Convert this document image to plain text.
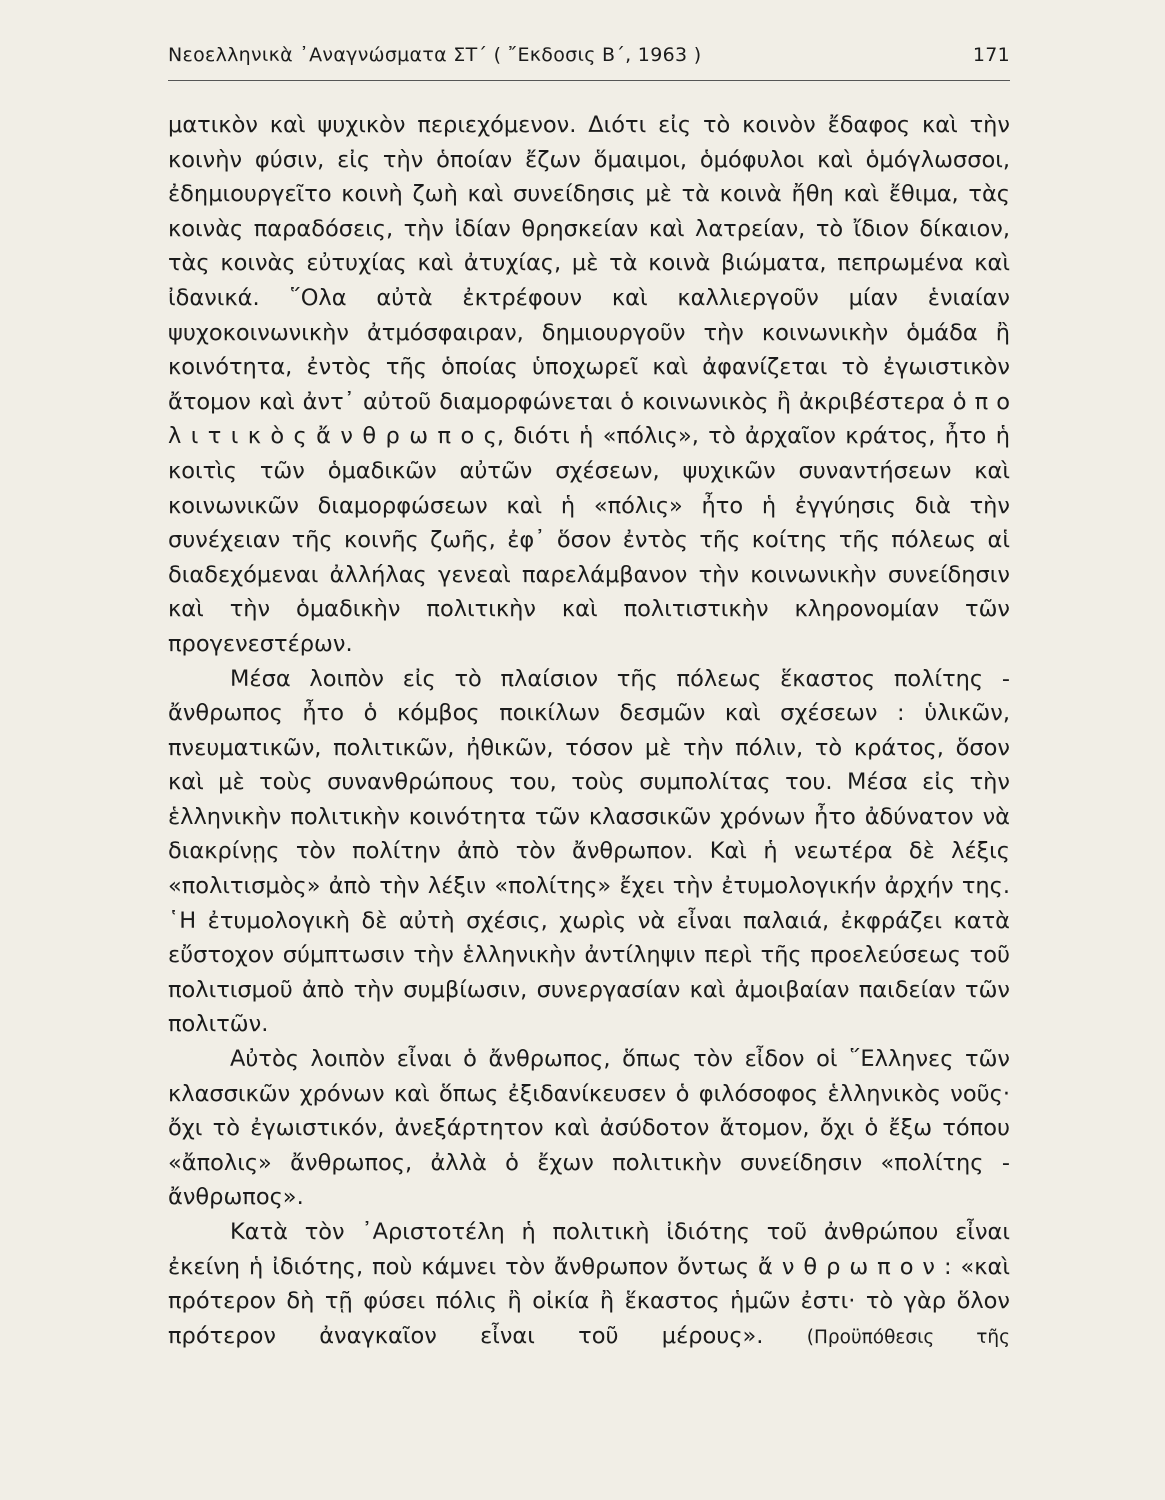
Νεοελληνικὰ ᾿Αναγνώσματα ΣΤ΄ ( ῎Εκδοσις Β΄, 1963 )	171

ματικὸν καὶ ψυχικὸν περιεχόμενον. Διότι εἰς τὸ κοινὸν ἔδαφος καὶ τὴν κοινὴν φύσιν, εἰς τὴν ὁποίαν ἔζων ὅμαιμοι, ὁμόφυλοι καὶ ὁμόγλωσσοι, ἐδημιουργεῖτο κοινὴ ζωὴ καὶ συνείδησις μὲ τὰ κοινὰ ἤθη καὶ ἔθιμα, τὰς κοινὰς παραδόσεις, τὴν ἰδίαν θρησκείαν καὶ λατρείαν, τὸ ἴδιον δίκαιον, τὰς κοινὰς εὐτυχίας καὶ ἀτυχίας, μὲ τὰ κοινὰ βιώματα, πεπρωμένα καὶ ἰδανικά. ῞Ολα αὐτὰ ἐκτρέφουν καὶ καλλιεργοῦν μίαν ἑνιαίαν ψυχοκοινωνικὴν ἀτμόσφαιραν, δημιουργοῦν τὴν κοινωνικὴν ὁμάδα ἢ κοινότητα, ἐντὸς τῆς ὁποίας ὑποχωρεῖ καὶ ἀφανίζεται τὸ ἐγωιστικὸν ἄτομον καὶ ἀντ᾿ αὐτοῦ διαμορφώνεται ὁ κοινωνικὸς ἢ ἀκριβέστερα ὁ π ο λ ι τ ι κ ὸ ς ἄ ν θ ρ ω π ο ς, διότι ἡ «πόλις», τὸ ἀρχαῖον κράτος, ἦτο ἡ κοιτὶς τῶν ὁμαδικῶν αὐτῶν σχέσεων, ψυχικῶν συναντήσεων καὶ κοινωνικῶν διαμορφώσεων καὶ ἡ «πόλις» ἦτο ἡ ἐγγύησις διὰ τὴν συνέχειαν τῆς κοινῆς ζωῆς, ἐφ᾿ ὅσον ἐντὸς τῆς κοίτης τῆς πόλεως αἱ διαδεχόμεναι ἀλλήλας γενεαὶ παρελάμβανον τὴν κοινωνικὴν συνείδησιν καὶ τὴν ὁμαδικὴν πολιτικὴν καὶ πολιτιστικὴν κληρονομίαν τῶν προγενεστέρων.

Μέσα λοιπὸν εἰς τὸ πλαίσιον τῆς πόλεως ἕκαστος πολίτης - ἄνθρωπος ἦτο ὁ κόμβος ποικίλων δεσμῶν καὶ σχέσεων : ὑλικῶν, πνευματικῶν, πολιτικῶν, ἠθικῶν, τόσον μὲ τὴν πόλιν, τὸ κράτος, ὅσον καὶ μὲ τοὺς συνανθρώπους του, τοὺς συμπολίτας του. Μέσα εἰς τὴν ἑλληνικὴν πολιτικὴν κοινότητα τῶν κλασσικῶν χρόνων ἦτο ἀδύνατον νὰ διακρίνῃς τὸν πολίτην ἀπὸ τὸν ἄνθρωπον. Καὶ ἡ νεωτέρα δὲ λέξις «πολιτισμὸς» ἀπὸ τὴν λέξιν «πολίτης» ἔχει τὴν ἐτυμολογικήν ἀρχήν της. ῾Η ἐτυμολογικὴ δὲ αὐτὴ σχέσις, χωρὶς νὰ εἶναι παλαιά, ἐκφράζει κατὰ εὔστοχον σύμπτωσιν τὴν ἑλληνικὴν ἀντίληψιν περὶ τῆς προελεύσεως τοῦ πολιτισμοῦ ἀπὸ τὴν συμβίωσιν, συνεργασίαν καὶ ἀμοιβαίαν παιδείαν τῶν πολιτῶν.

Αὐτὸς λοιπὸν εἶναι ὁ ἄνθρωπος, ὅπως τὸν εἶδον οἱ ῞Ελληνες τῶν κλασσικῶν χρόνων καὶ ὅπως ἐξιδανίκευσεν ὁ φιλόσοφος ἑλληνικὸς νοῦς· ὄχι τὸ ἐγωιστικόν, ἀνεξάρτητον καὶ ἀσύδοτον ἄτομον, ὄχι ὁ ἔξω τόπου «ἄπολις» ἄνθρωπος, ἀλλὰ ὁ ἔχων πολιτικὴν συνείδησιν «πολίτης - ἄνθρωπος».

Κατὰ τὸν ᾿Αριστοτέλη ἡ πολιτικὴ ἰδιότης τοῦ ἀνθρώπου εἶναι ἐκείνη ἡ ἰδιότης, ποὺ κάμνει τὸν ἄνθρωπον ὄντως ἄ ν θ ρ ω π ο ν : «καὶ πρότερον δὴ τῇ φύσει πόλις ἢ οἰκία ἢ ἕκαστος ἡμῶν ἐστι· τὸ γὰρ ὅλον πρότερον ἀναγκαῖον εἶναι τοῦ μέρους». (Προϋπόθεσις τῆς
